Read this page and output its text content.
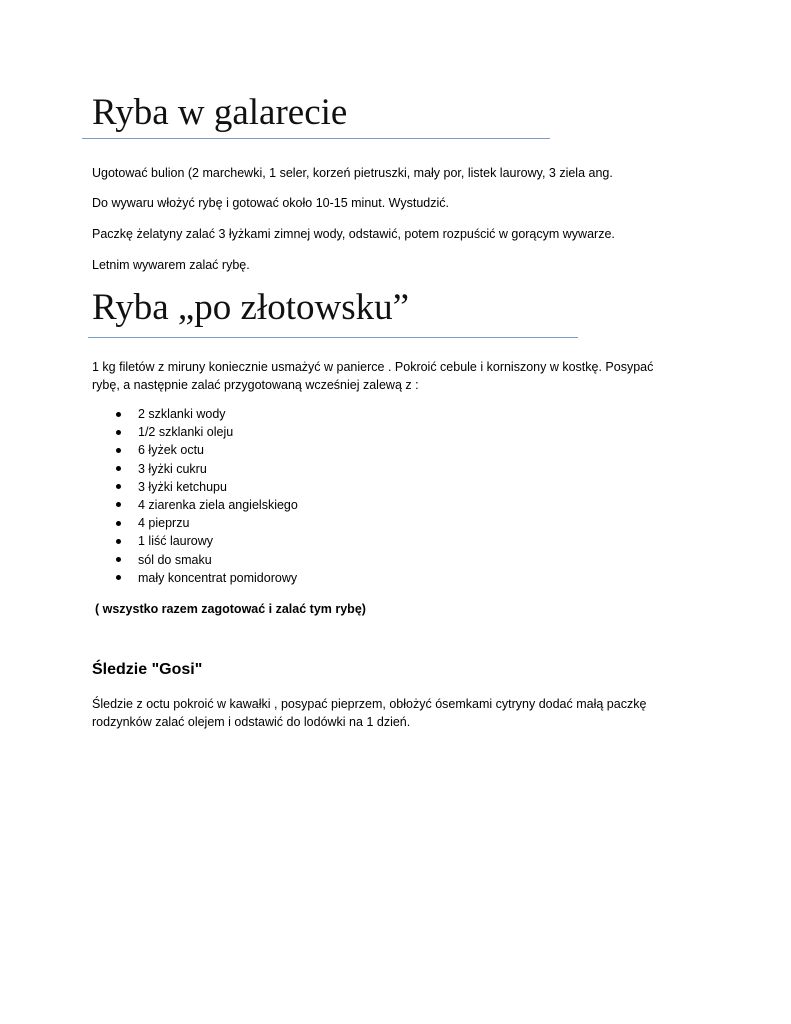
Ryba w galarecie

Ugotować bulion (2 marchewki, 1 seler, korzeń pietruszki, mały por, listek laurowy, 3 ziela ang.

Do wywaru włożyć rybę i gotować około 10-15 minut. Wystudzić.

Paczkę żelatyny zalać 3 łyżkami zimnej wody, odstawić, potem rozpuścić w gorącym wywarze.

Letnim wywarem zalać rybę.

Ryba „po złotowsku”

1 kg filetów z miruny koniecznie usmażyć w panierce . Pokroić cebule i korniszony w kostkę. Posypać

rybę, a następnie zalać przygotowaną wcześniej zalewą z :

2 szklanki wody
1/2 szklanki oleju
6 łyżek octu
3 łyżki cukru
3 łyżki ketchupu
4 ziarenka ziela angielskiego
4 pieprzu
1 liść laurowy
sól do smaku
mały koncentrat pomidorowy

( wszystko razem zagotować i zalać tym rybę)

Śledzie "Gosi"

Śledzie z octu pokroić w kawałki , posypać pieprzem, obłożyć ósemkami cytryny dodać małą paczkę

rodzynków zalać olejem i odstawić do lodówki na 1 dzień.
